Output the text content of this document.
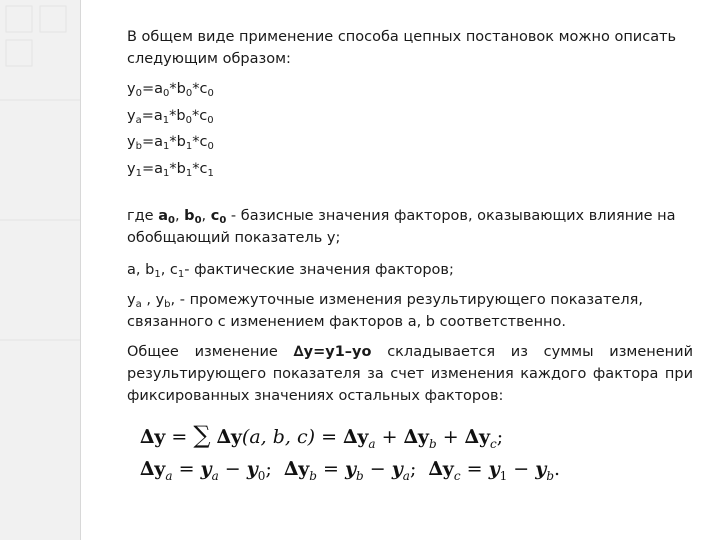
В общем виде применение способа цепных постановок можно описать
следующим образом:

$y_0=a_0*b_0*c_0$

$y_a=a_1*b_0*c_0$

$y_b=a_1*b_1*c_0$

$y_1=a_1*b_1*c_1$

где $a_0$, $b_0$, $c_0$ - базисные значения факторов, оказывающих влияние на обобщающий показатель y;

a, $b_1$, $c_1-$ фактические значения факторов;

$y_a$ , $y_b$, - промежуточные изменения результирующего показателя, связанного с изменением факторов а, b соответственно.

Общее изменение ∆y=y1–yo складывается из суммы изменений результирующего показателя за счет изменения каждого фактора при фиксированных значениях остальных факторов:

∆y = ∑ ∆y(a, b, $c) = \Delta y_a + \Delta y_b + \Delta y_c$;
$\Delta y_a = y_a - y_0$; $\Delta y_b = y_b - y_a$; $\Delta y_c = y_1 - y_b$.
